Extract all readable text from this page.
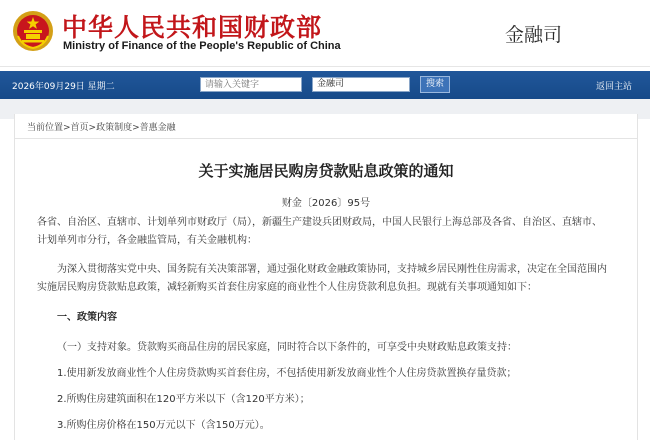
中华人民共和国财政部
Ministry of Finance of the People's Republic of China	金融司
2026年09月29日 星期二
请输入关键字	金融司	搜索	返回主站
当前位置>首页>政策制度>普惠金融
关于实施居民购房贷款贴息政策的通知
财金〔2026〕95号
各省、自治区、直辖市、计划单列市财政厅（局），新疆生产建设兵团财政局，中国人民银行上海总部及各省、自治区、直辖市、
计划单列市分行，各金融监管局，有关金融机构：
为深入贯彻落实党中央、国务院有关决策部署，通过强化财政金融政策协同，支持城乡居民刚性住房需求，决定在全国范围内
实施居民购房贷款贴息政策，减轻新购买首套住房家庭的商业性个人住房贷款利息负担。现就有关事项通知如下：
一、政策内容
（一）支持对象。贷款购买商品住房的居民家庭，同时符合以下条件的，可享受中央财政贴息政策支持：
1.使用新发放商业性个人住房贷款购买首套住房，不包括使用新发放商业性个人住房贷款置换存量贷款；
2.所购住房建筑面积在120平方米以下（含120平方米）；
3.所购住房价格在150万元以下（含150万元）。
